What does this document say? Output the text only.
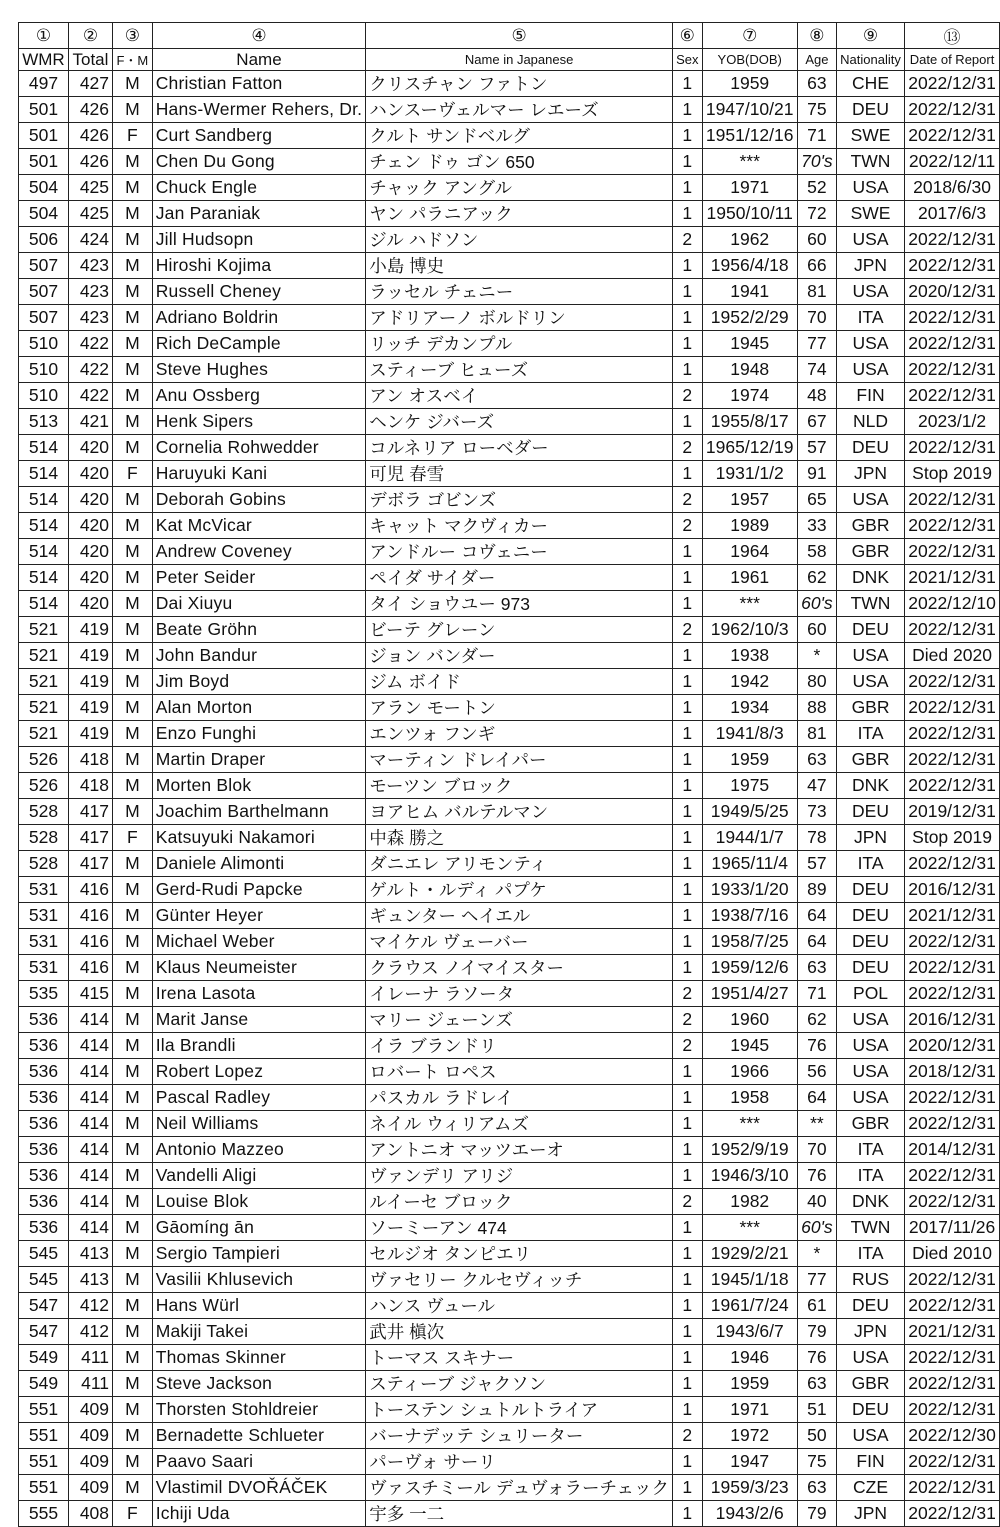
①	②	③	④	⑤	⑥	⑦	⑧	⑨	⑬
WMR	Total	F・M	Name	Name in Japanese	Sex	YOB(DOB)	Age	Nationality	Date of Report
497	427	M	Christian Fatton	クリスチャン ファトン	1	1959	63	CHE	2022/12/31
501	426	M	Hans-Wermer Rehers, Dr.	ハンスーヴェルマー レエーズ	1	1947/10/21	75	DEU	2022/12/31
501	426	F	Curt Sandberg	クルト サンドベルグ	1	1951/12/16	71	SWE	2022/12/31
501	426	M	Chen Du Gong	チェン ドゥ ゴン 650	1	***	70's	TWN	2022/12/11
504	425	M	Chuck Engle	チャック アングル	1	1971	52	USA	2018/6/30
504	425	M	Jan Paraniak	ヤン パラニアック	1	1950/10/11	72	SWE	2017/6/3
506	424	M	Jill Hudsopn	ジル ハドソン	2	1962	60	USA	2022/12/31
507	423	M	Hiroshi Kojima	小島 博史	1	1956/4/18	66	JPN	2022/12/31
507	423	M	Russell Cheney	ラッセル チェニー	1	1941	81	USA	2020/12/31
507	423	M	Adriano Boldrin	アドリアーノ ボルドリン	1	1952/2/29	70	ITA	2022/12/31
510	422	M	Rich DeCample	リッチ デカンプル	1	1945	77	USA	2022/12/31
510	422	M	Steve Hughes	スティーブ ヒューズ	1	1948	74	USA	2022/12/31
510	422	M	Anu Ossberg	アン オスベイ	2	1974	48	FIN	2022/12/31
513	421	M	Henk Sipers	ヘンケ ジバーズ	1	1955/8/17	67	NLD	2023/1/2
514	420	M	Cornelia Rohwedder	コルネリア ローベダー	2	1965/12/19	57	DEU	2022/12/31
514	420	F	Haruyuki Kani	可児 春雪	1	1931/1/2	91	JPN	Stop 2019
514	420	M	Deborah Gobins	デボラ ゴビンズ	2	1957	65	USA	2022/12/31
514	420	M	Kat McVicar	キャット マクヴィカー	2	1989	33	GBR	2022/12/31
514	420	M	Andrew Coveney	アンドルー コヴェニー	1	1964	58	GBR	2022/12/31
514	420	M	Peter Seider	ペイダ サイダー	1	1961	62	DNK	2021/12/31
514	420	M	Dai Xiuyu	タイ ショウユー 973	1	***	60's	TWN	2022/12/10
521	419	M	Beate Gröhn	ビーテ グレーン	2	1962/10/3	60	DEU	2022/12/31
521	419	M	John Bandur	ジョン バンダー	1	1938	*	USA	Died 2020
521	419	M	Jim Boyd	ジム ボイド	1	1942	80	USA	2022/12/31
521	419	M	Alan Morton	アラン モートン	1	1934	88	GBR	2022/12/31
521	419	M	Enzo Funghi	エンツォ フンギ	1	1941/8/3	81	ITA	2022/12/31
526	418	M	Martin Draper	マーティン ドレイパー	1	1959	63	GBR	2022/12/31
526	418	M	Morten Blok	モーツン ブロック	1	1975	47	DNK	2022/12/31
528	417	M	Joachim Barthelmann	ヨアヒム バルテルマン	1	1949/5/25	73	DEU	2019/12/31
528	417	F	Katsuyuki Nakamori	中森 勝之	1	1944/1/7	78	JPN	Stop 2019
528	417	M	Daniele Alimonti	ダニエレ アリモンティ	1	1965/11/4	57	ITA	2022/12/31
531	416	M	Gerd-Rudi Papcke	ゲルト・ルディ パプケ	1	1933/1/20	89	DEU	2016/12/31
531	416	M	Günter Heyer	ギュンター ヘイエル	1	1938/7/16	64	DEU	2021/12/31
531	416	M	Michael Weber	マイケル ヴェーバー	1	1958/7/25	64	DEU	2022/12/31
531	416	M	Klaus Neumeister	クラウス ノイマイスター	1	1959/12/6	63	DEU	2022/12/31
535	415	M	Irena Lasota	イレーナ ラソータ	2	1951/4/27	71	POL	2022/12/31
536	414	M	Marit Janse	マリー ジェーンズ	2	1960	62	USA	2016/12/31
536	414	M	Ila Brandli	イラ ブランドリ	2	1945	76	USA	2020/12/31
536	414	M	Robert Lopez	ロバート ロペス	1	1966	56	USA	2018/12/31
536	414	M	Pascal Radley	パスカル ラドレイ	1	1958	64	USA	2022/12/31
536	414	M	Neil Williams	ネイル ウィリアムズ	1	***	**	GBR	2022/12/31
536	414	M	Antonio Mazzeo	アントニオ マッツエーオ	1	1952/9/19	70	ITA	2014/12/31
536	414	M	Vandelli Aligi	ヴァンデリ アリジ	1	1946/3/10	76	ITA	2022/12/31
536	414	M	Louise Blok	ルイーセ ブロック	2	1982	40	DNK	2022/12/31
536	414	M	Gāomíng ān	ソーミーアン 474	1	***	60's	TWN	2017/11/26
545	413	M	Sergio Tampieri	セルジオ タンピエリ	1	1929/2/21	*	ITA	Died 2010
545	413	M	Vasilii Khlusevich	ヴァセリー クルセヴィッチ	1	1945/1/18	77	RUS	2022/12/31
547	412	M	Hans Würl	ハンス ヴュール	1	1961/7/24	61	DEU	2022/12/31
547	412	M	Makiji Takei	武井 槇次	1	1943/6/7	79	JPN	2021/12/31
549	411	M	Thomas Skinner	トーマス スキナー	1	1946	76	USA	2022/12/31
549	411	M	Steve Jackson	スティーブ ジャクソン	1	1959	63	GBR	2022/12/31
551	409	M	Thorsten Stohldreier	トーステン シュトルトライア	1	1971	51	DEU	2022/12/31
551	409	M	Bernadette Schlueter	バーナデッテ シュリーター	2	1972	50	USA	2022/12/30
551	409	M	Paavo Saari	パーヴォ サーリ	1	1947	75	FIN	2022/12/31
551	409	M	Vlastimil DVOŘÁČEK	ヴァスチミール デュヴォラーチェック	1	1959/3/23	63	CZE	2022/12/31
555	408	F	Ichiji Uda	宇多 一二	1	1943/2/6	79	JPN	2022/12/31
